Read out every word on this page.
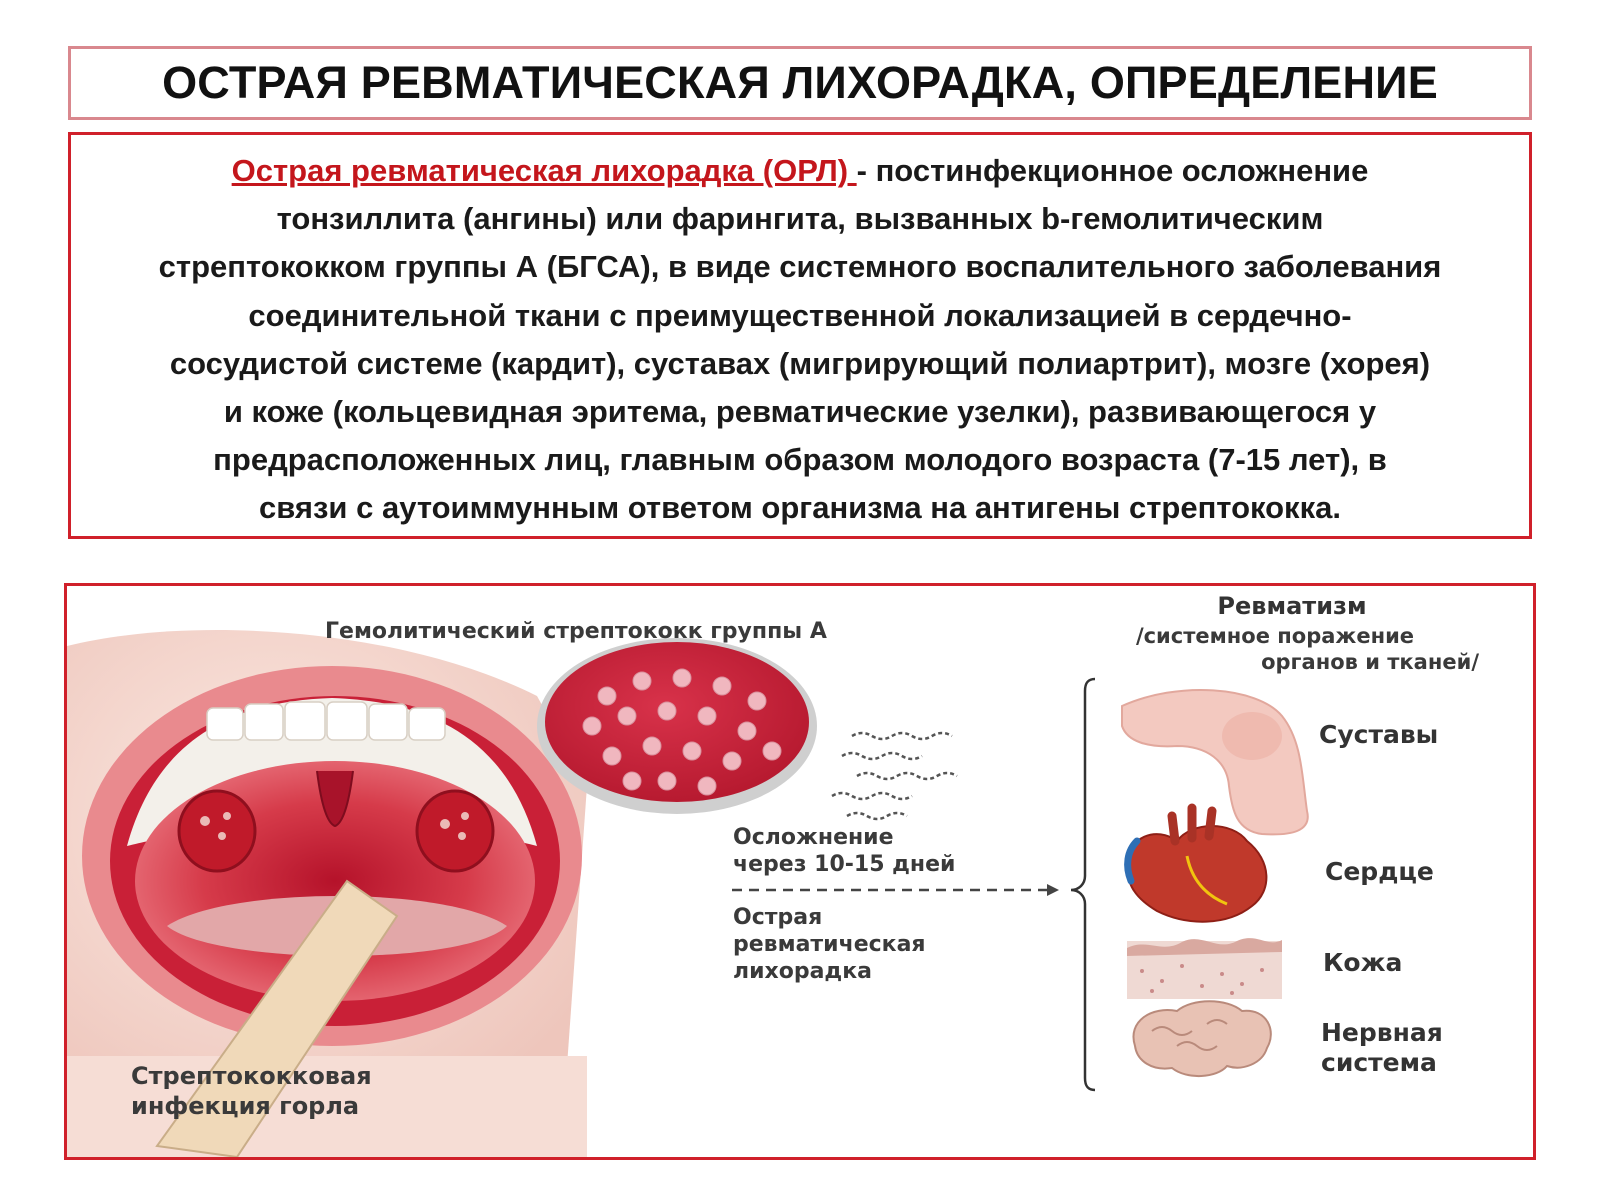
ОСТРАЯ РЕВМАТИЧЕСКАЯ ЛИХОРАДКА, ОПРЕДЕЛЕНИЕ
Острая ревматическая лихорадка (ОРЛ) - постинфекционное осложнение
тонзиллита (ангины) или фарингита, вызванных b-гемолитическим
стрептококком группы А (БГСА), в виде системного воспалительного заболевания
соединительной ткани с преимущественной локализацией в сердечно-
сосудистой системе (кардит), суставах (мигрирующий полиартрит), мозге (хорея)
и коже (кольцевидная эритема, ревматические узелки), развивающегося у
предрасположенных лиц, главным образом молодого возраста (7-15 лет), в
связи с аутоиммунным ответом организма на антигены стрептококка.
Гемолитический стрептококк группы А
Ревматизм
/системное поражение
органов и тканей/
Осложнение
через 10-15 дней
Острая
ревматическая
лихорадка
Стрептококковая
инфекция горла
Суставы
Сердце
Кожа
Нервная
система
